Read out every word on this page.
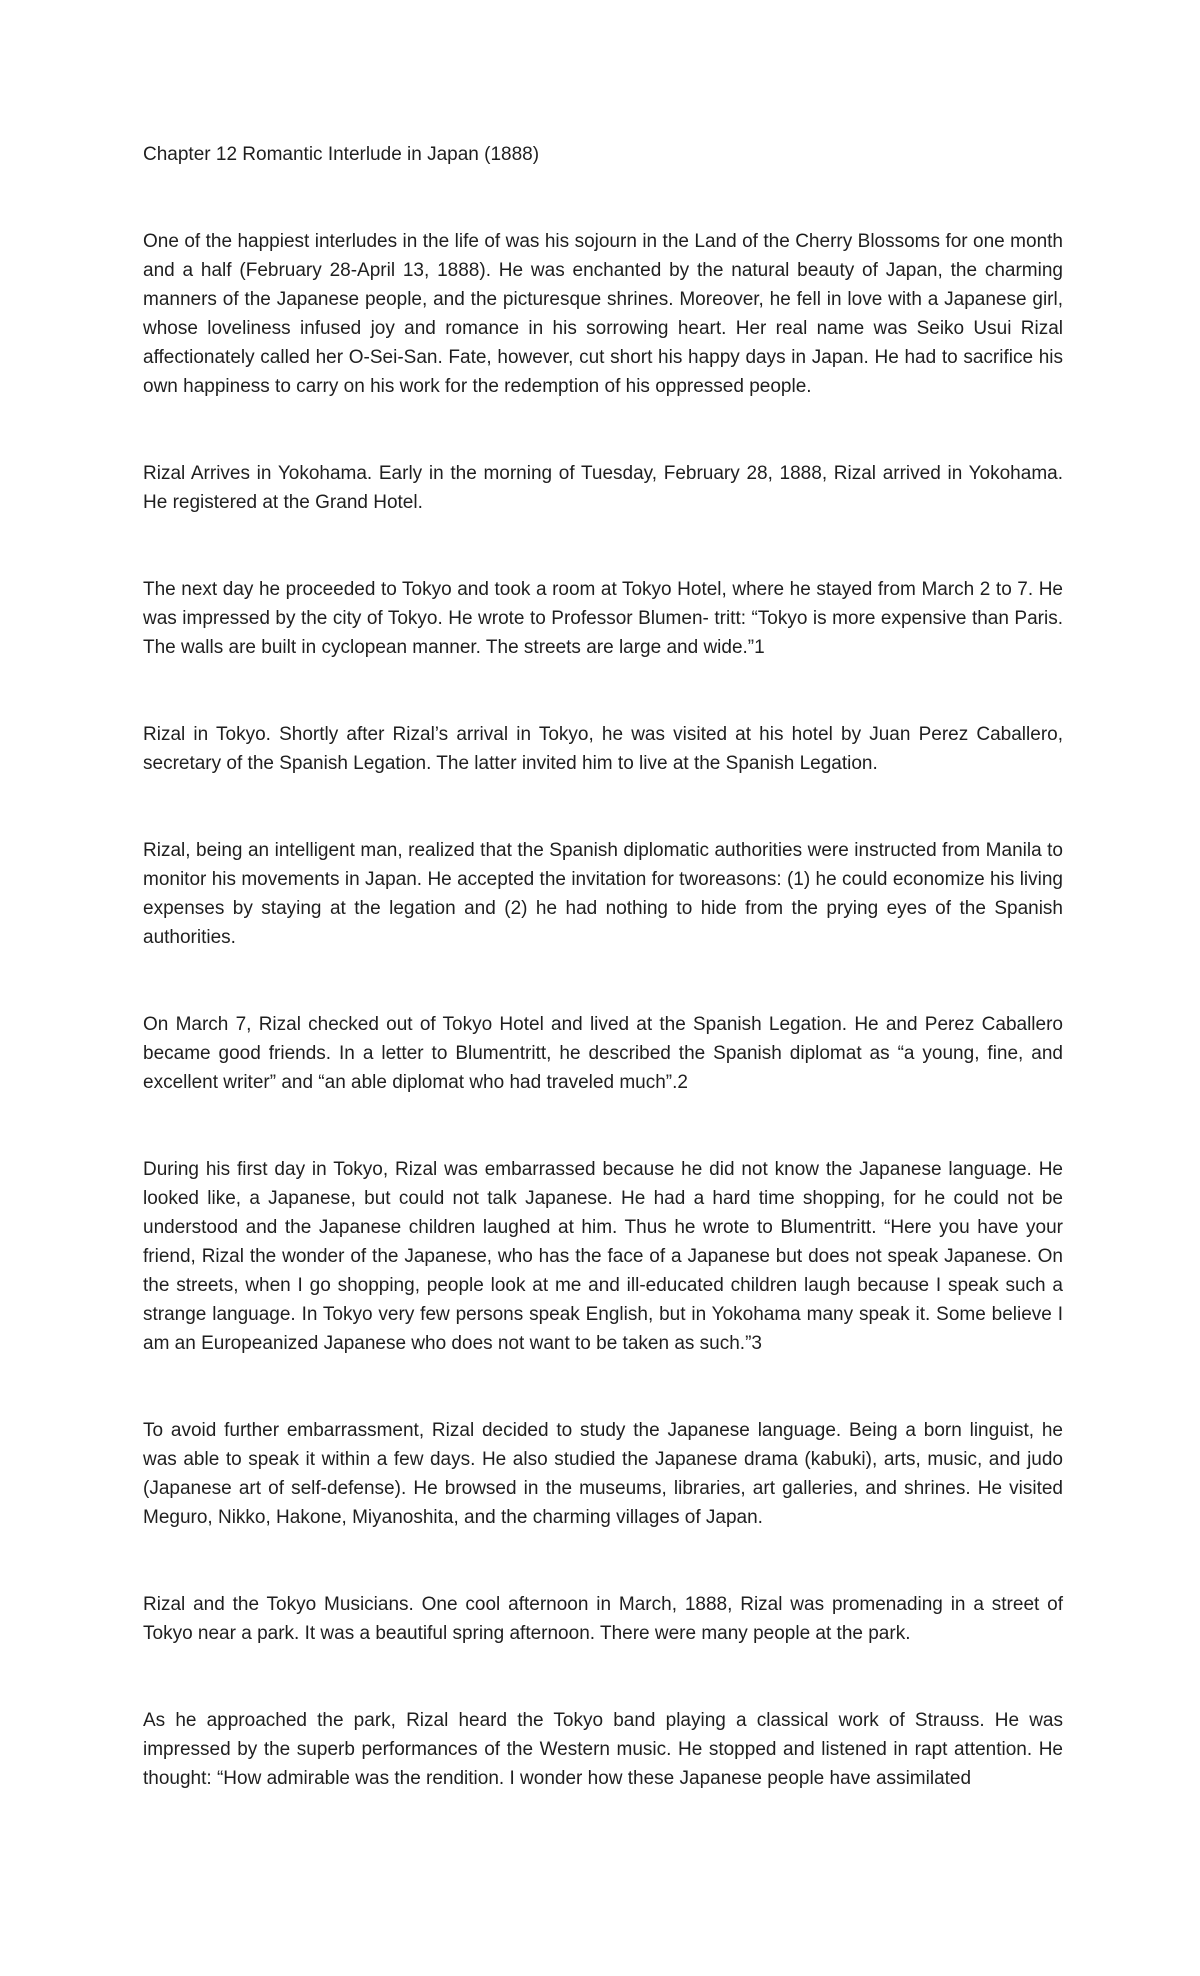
Chapter 12 Romantic Interlude in Japan (1888)

One of the happiest interludes in the life of was his sojourn in the Land of the Cherry Blossoms for one month and a half (February 28-April 13, 1888). He was enchanted by the natural beauty of Japan, the charming manners of the Japanese people, and the picturesque shrines. Moreover, he fell in love with a Japanese girl, whose loveliness infused joy and romance in his sorrowing heart. Her real name was Seiko Usui Rizal affectionately called her O-Sei-San. Fate, however, cut short his happy days in Japan. He had to sacrifice his own happiness to carry on his work for the redemption of his oppressed people.

Rizal Arrives in Yokohama. Early in the morning of Tuesday, February 28, 1888, Rizal arrived in Yokohama. He registered at the Grand Hotel.

The next day he proceeded to Tokyo and took a room at Tokyo Hotel, where he stayed from March 2 to 7. He was impressed by the city of Tokyo. He wrote to Professor Blumen- tritt: “Tokyo is more expensive than Paris. The walls are built in cyclopean manner. The streets are large and wide.”1

Rizal in Tokyo. Shortly after Rizal’s arrival in Tokyo, he was visited at his hotel by Juan Perez Caballero, secretary of the Spanish Legation. The latter invited him to live at the Spanish Legation.

Rizal, being an intelligent man, realized that the Spanish diplomatic authorities were instructed from Manila to monitor his movements in Japan. He accepted the invitation for tworeasons: (1) he could economize his living expenses by staying at the legation and (2) he had nothing to hide from the prying eyes of the Spanish authorities.

On March 7, Rizal checked out of Tokyo Hotel and lived at the Spanish Legation. He and Perez Caballero became good friends. In a letter to Blumentritt, he described the Spanish diplomat as “a young, fine, and excellent writer” and “an able diplomat who had traveled much”.2

During his first day in Tokyo, Rizal was embarrassed because he did not know the Japanese language. He looked like, a Japanese, but could not talk Japanese. He had a hard time shopping, for he could not be understood and the Japanese children laughed at him. Thus he wrote to Blumentritt. “Here you have your friend, Rizal the wonder of the Japanese, who has the face of a Japanese but does not speak Japanese. On the streets, when I go shopping, people look at me and ill-educated children laugh because I speak such a strange language. In Tokyo very few persons speak English, but in Yokohama many speak it. Some believe I am an Europeanized Japanese who does not want to be taken as such.”3

To avoid further embarrassment, Rizal decided to study the Japanese language. Being a born linguist, he was able to speak it within a few days. He also studied the Japanese drama (kabuki), arts, music, and judo (Japanese art of self-defense). He browsed in the museums, libraries, art galleries, and shrines. He visited Meguro, Nikko, Hakone, Miyanoshita, and the charming villages of Japan.

Rizal and the Tokyo Musicians. One cool afternoon in March, 1888, Rizal was promenading in a street of Tokyo near a park. It was a beautiful spring afternoon. There were many people at the park.

As he approached the park, Rizal heard the Tokyo band playing a classical work of Strauss. He was impressed by the superb performances of the Western music. He stopped and listened in rapt attention. He thought: “How admirable was the rendition. I wonder how these Japanese people have assimilated
